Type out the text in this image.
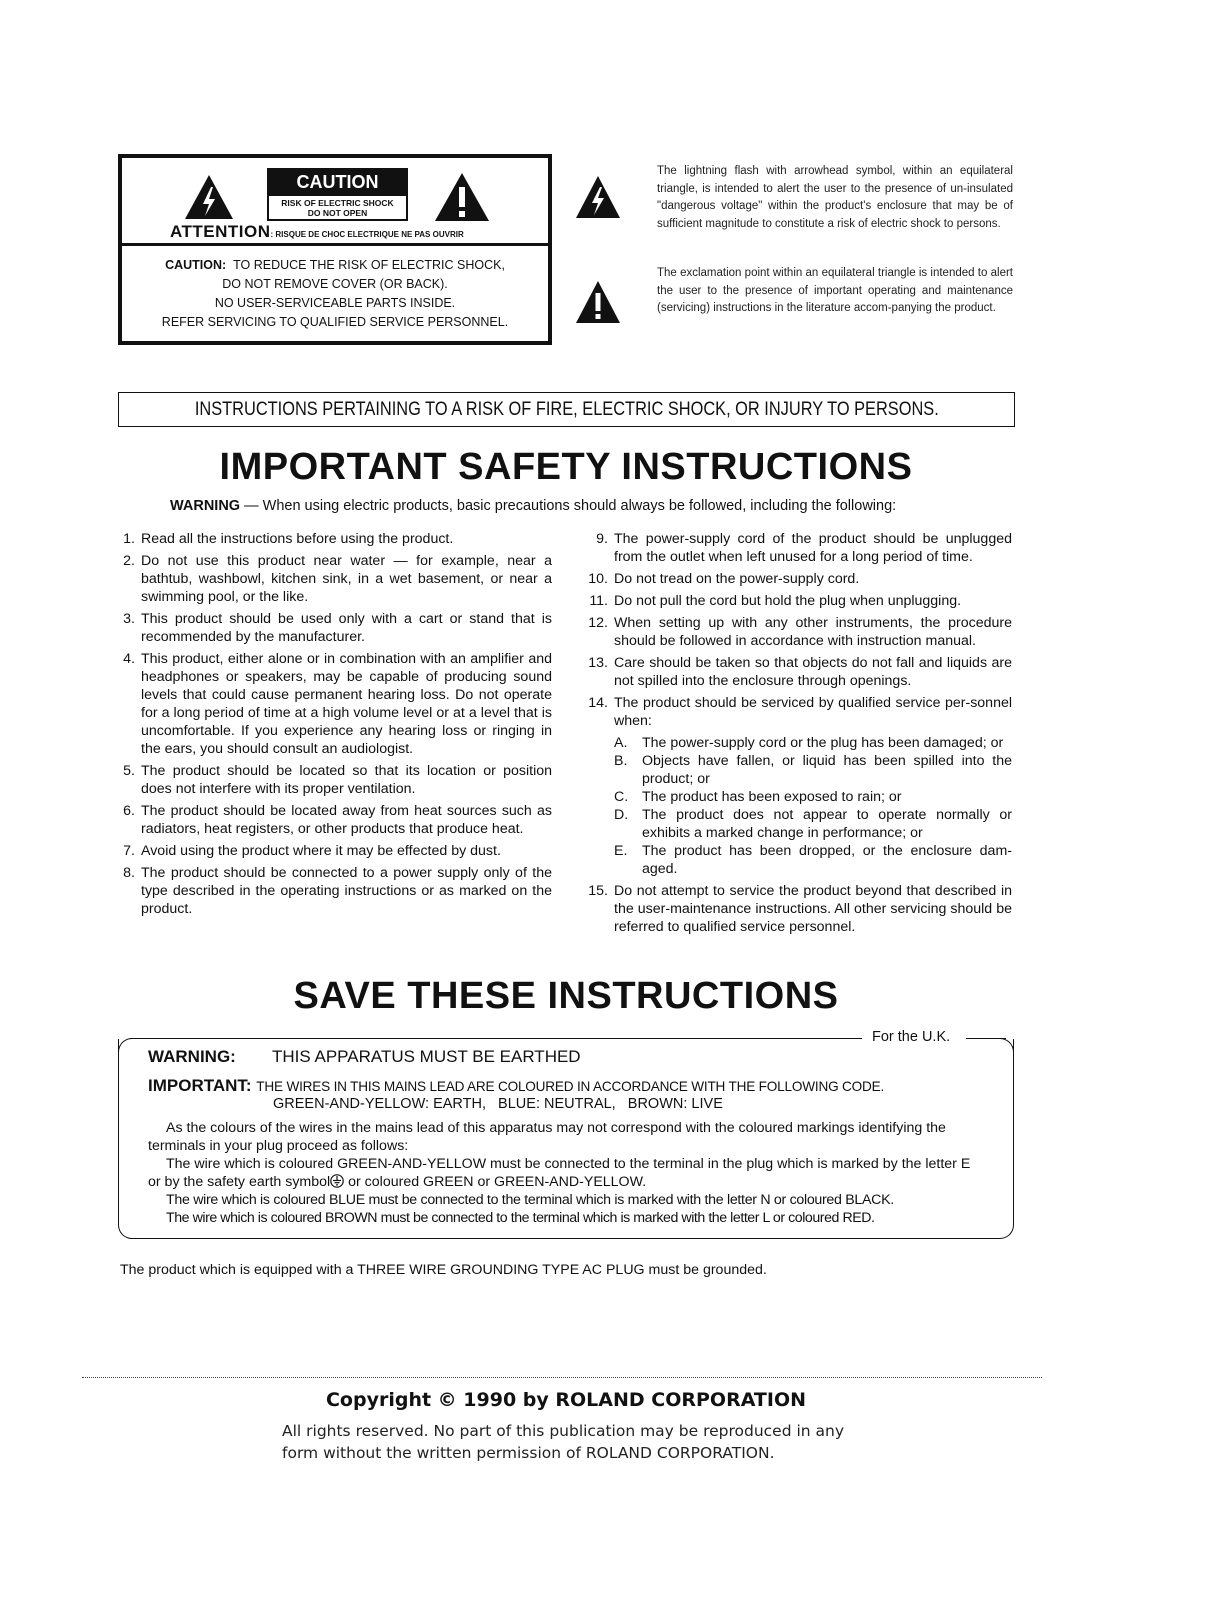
CAUTION
RISK OF ELECTRIC SHOCK
DO NOT OPEN
ATTENTION: RISQUE DE CHOC ELECTRIQUE NE PAS OUVRIR
CAUTION: TO REDUCE THE RISK OF ELECTRIC SHOCK,
DO NOT REMOVE COVER (OR BACK).
NO USER-SERVICEABLE PARTS INSIDE.
REFER SERVICING TO QUALIFIED SERVICE PERSONNEL.
The lightning flash with arrowhead symbol, within an equilateral triangle, is intended to alert the user to the presence of un-insulated "dangerous voltage" within the product's enclosure that may be of sufficient magnitude to constitute a risk of electric shock to persons.
The exclamation point within an equilateral triangle is intended to alert the user to the presence of important operating and maintenance (servicing) instructions in the literature accom-panying the product.
INSTRUCTIONS PERTAINING TO A RISK OF FIRE, ELECTRIC SHOCK, OR INJURY TO PERSONS.
IMPORTANT SAFETY INSTRUCTIONS
WARNING — When using electric products, basic precautions should always be followed, including the following:
1. Read all the instructions before using the product.
2. Do not use this product near water — for example, near a bathtub, washbowl, kitchen sink, in a wet basement, or near a swimming pool, or the like.
3. This product should be used only with a cart or stand that is recommended by the manufacturer.
4. This product, either alone or in combination with an amplifier and headphones or speakers, may be capable of producing sound levels that could cause permanent hearing loss. Do not operate for a long period of time at a high volume level or at a level that is uncomfortable. If you experience any hearing loss or ringing in the ears, you should consult an audiologist.
5. The product should be located so that its location or position does not interfere with its proper ventilation.
6. The product should be located away from heat sources such as radiators, heat registers, or other products that produce heat.
7. Avoid using the product where it may be effected by dust.
8. The product should be connected to a power supply only of the type described in the operating instructions or as marked on the product.
9. The power-supply cord of the product should be unplugged from the outlet when left unused for a long period of time.
10. Do not tread on the power-supply cord.
11. Do not pull the cord but hold the plug when unplugging.
12. When setting up with any other instruments, the procedure should be followed in accordance with instruction manual.
13. Care should be taken so that objects do not fall and liquids are not spilled into the enclosure through openings.
14. The product should be serviced by qualified service per-sonnel when:
A.	The power-supply cord or the plug has been damaged; or
B.	Objects have fallen, or liquid has been spilled into the product; or
C. The product has been exposed to rain; or
D. The product does not appear to operate normally or exhibits a marked change in performance; or
E.	The product has been dropped, or the enclosure dam-aged.
15. Do not attempt to service the product beyond that described in the user-maintenance instructions. All other servicing should be referred to qualified service personnel.
SAVE THESE INSTRUCTIONS
For the U.K.
WARNING: THIS APPARATUS MUST BE EARTHED
IMPORTANT: THE WIRES IN THIS MAINS LEAD ARE COLOURED IN ACCORDANCE WITH THE FOLLOWING CODE.
GREEN-AND-YELLOW: EARTH,   BLUE: NEUTRAL,   BROWN: LIVE
As the colours of the wires in the mains lead of this apparatus may not correspond with the coloured markings identifying the terminals in your plug proceed as follows:
The wire which is coloured GREEN-AND-YELLOW must be connected to the terminal in the plug which is marked by the letter E or by the safety earth symbol or coloured GREEN or GREEN-AND-YELLOW.
The wire which is coloured BLUE must be connected to the terminal which is marked with the letter N or coloured BLACK.
The wire which is coloured BROWN must be connected to the terminal which is marked with the letter L or coloured RED.
The product which is equipped with a THREE WIRE GROUNDING TYPE AC PLUG must be grounded.
Copyright © 1990 by ROLAND CORPORATION
All rights reserved. No part of this publication may be reproduced in any
form without the written permission of ROLAND CORPORATION.
